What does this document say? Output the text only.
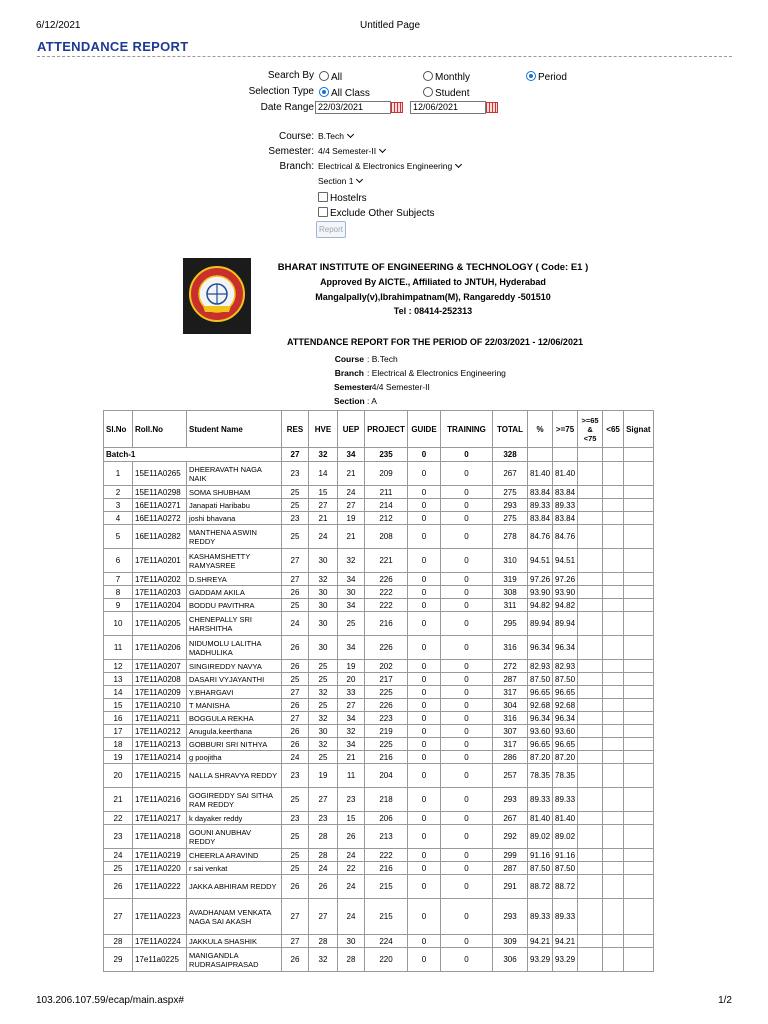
6/12/2021	Untitled Page
ATTENDANCE REPORT
Search By	All	Monthly	Period
Selection Type	All Class	Student
Date Range 22/03/2021	12/06/2021
Course: B.Tech
Semester: 4/4 Semester-II
Branch: Electrical & Electronics Engineering
Section 1
Hostelrs
Exclude Other Subjects
Report
BHARAT INSTITUTE OF ENGINEERING & TECHNOLOGY ( Code: E1 )
Approved By AICTE., Affiliated to JNTUH, Hyderabad
Mangalpally(v),Ibrahimpatnam(M), Rangareddy -501510
Tel : 08414-252313
ATTENDANCE REPORT FOR THE PERIOD OF 22/03/2021 - 12/06/2021
Course : B.Tech
Branch : Electrical & Electronics Engineering
Semester: 4/4 Semester-II
Section : A
Sl.No	Roll.No	Student Name	RES	HVE	UEP	PROJECT	GUIDE	TRAINING	TOTAL	%	>=75	>=65 & <75	<65	Signat
Batch-1			27	32	34	235	0	0	328					
1	15E11A0265	DHEERAVATH NAGA NAIK	23	14	21	209	0	0	267	81.40	81.40			
2	15E11A0298	SOMA SHUBHAM	25	15	24	211	0	0	275	83.84	83.84			
3	16E11A0271	Janapati Haribabu	25	27	27	214	0	0	293	89.33	89.33			
4	16E11A0272	joshi bhavana	23	21	19	212	0	0	275	83.84	83.84			
5	16E11A0282	MANTHENA ASWIN REDDY	25	24	21	208	0	0	278	84.76	84.76			
6	17E11A0201	KASHAMSHETTY RAMYASREE	27	30	32	221	0	0	310	94.51	94.51			
7	17E11A0202	D.SHREYA	27	32	34	226	0	0	319	97.26	97.26			
8	17E11A0203	GADDAM AKILA	26	30	30	222	0	0	308	93.90	93.90			
9	17E11A0204	BODDU PAVITHRA	25	30	34	222	0	0	311	94.82	94.82			
10	17E11A0205	CHENEPALLY SRI HARSHITHA	24	30	25	216	0	0	295	89.94	89.94			
11	17E11A0206	NIDUMOLU LALITHA MADHULIKA	26	30	34	226	0	0	316	96.34	96.34			
12	17E11A0207	SINGIREDDY NAVYA	26	25	19	202	0	0	272	82.93	82.93			
13	17E11A0208	DASARI VYJAYANTHI	25	25	20	217	0	0	287	87.50	87.50			
14	17E11A0209	Y.BHARGAVI	27	32	33	225	0	0	317	96.65	96.65			
15	17E11A0210	T MANISHA	26	25	27	226	0	0	304	92.68	92.68			
16	17E11A0211	BOGGULA REKHA	27	32	34	223	0	0	316	96.34	96.34			
17	17E11A0212	Anugula.keerthana	26	30	32	219	0	0	307	93.60	93.60			
18	17E11A0213	GOBBURI SRI NITHYA	26	32	34	225	0	0	317	96.65	96.65			
19	17E11A0214	g poojitha	24	25	21	216	0	0	286	87.20	87.20			
20	17E11A0215	NALLA SHRAVYA REDDY	23	19	11	204	0	0	257	78.35	78.35			
21	17E11A0216	GOGIREDDY SAI SITHA RAM REDDY	25	27	23	218	0	0	293	89.33	89.33			
22	17E11A0217	k dayaker reddy	23	23	15	206	0	0	267	81.40	81.40			
23	17E11A0218	GOUNI ANUBHAV REDDY	25	28	26	213	0	0	292	89.02	89.02			
24	17E11A0219	CHEERLA ARAVIND	25	28	24	222	0	0	299	91.16	91.16			
25	17E11A0220	r sai venkat	25	24	22	216	0	0	287	87.50	87.50			
26	17E11A0222	JAKKA ABHIRAM REDDY	26	26	24	215	0	0	291	88.72	88.72			
27	17E11A0223	AVADHANAM VENKATA NAGA SAI AKASH	27	27	24	215	0	0	293	89.33	89.33			
28	17E11A0224	JAKKULA SHASHIK	27	28	30	224	0	0	309	94.21	94.21			
29	17e11a0225	MANIGANDLA RUDRASAIPRASAD	26	32	28	220	0	0	306	93.29	93.29			
103.206.107.59/ecap/main.aspx#	1/2
